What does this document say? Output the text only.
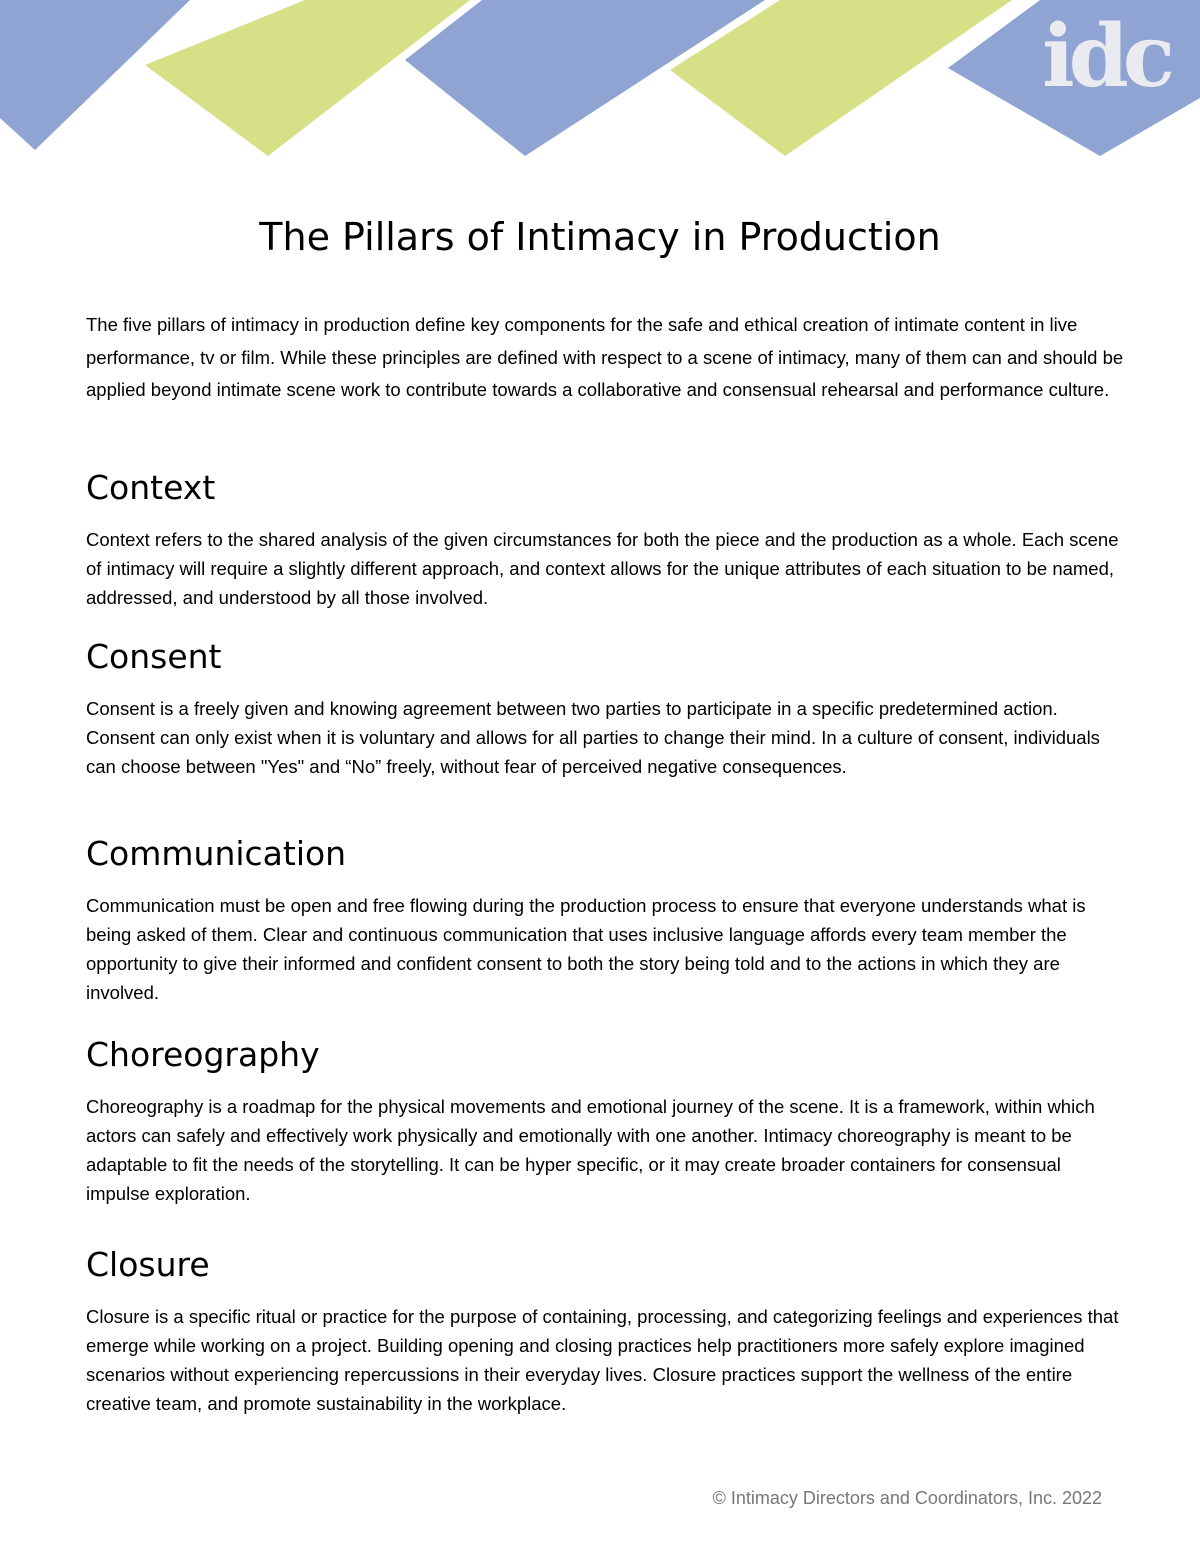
idc
The Pillars of Intimacy in Production

The five pillars of intimacy in production define key components for the safe and ethical creation of intimate content in live performance, tv or film. While these principles are defined with respect to a scene of intimacy, many of them can and should be applied beyond intimate scene work to contribute towards a collaborative and consensual rehearsal and performance culture.

Context

Context refers to the shared analysis of the given circumstances for both the piece and the production as a whole. Each scene of intimacy will require a slightly different approach, and context allows for the unique attributes of each situation to be named, addressed, and understood by all those involved.

Consent

Consent is a freely given and knowing agreement between two parties to participate in a specific predetermined action. Consent can only exist when it is voluntary and allows for all parties to change their mind. In a culture of consent, individuals can choose between "Yes" and “No” freely, without fear of perceived negative consequences.

Communication

Communication must be open and free flowing during the production process to ensure that everyone understands what is being asked of them. Clear and continuous communication that uses inclusive language affords every team member the opportunity to give their informed and confident consent to both the story being told and to the actions in which they are involved.

Choreography

Choreography is a roadmap for the physical movements and emotional journey of the scene. It is a framework, within which actors can safely and effectively work physically and emotionally with one another. Intimacy choreography is meant to be adaptable to fit the needs of the storytelling. It can be hyper specific, or it may create broader containers for consensual impulse exploration.

Closure

Closure is a specific ritual or practice for the purpose of containing, processing, and categorizing feelings and experiences that emerge while working on a project. Building opening and closing practices help practitioners more safely explore imagined scenarios without experiencing repercussions in their everyday lives. Closure practices support the wellness of the entire creative team, and promote sustainability in the workplace.

© Intimacy Directors and Coordinators, Inc. 2022
